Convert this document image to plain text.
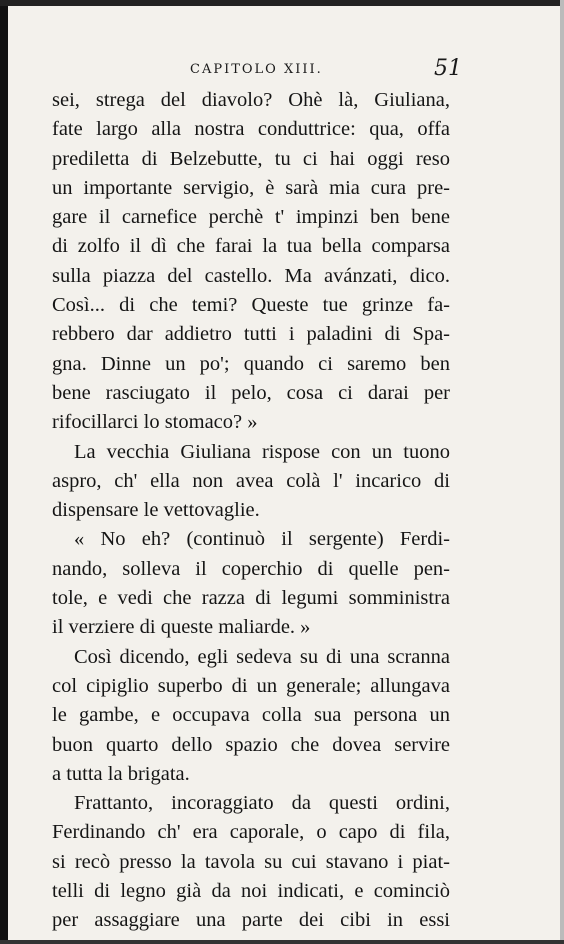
CAPITOLO XIII.	51
sei, strega del diavolo? Ohè là, Giuliana,
fate largo alla nostra conduttrice: qua, offa
prediletta di Belzebutte, tu ci hai oggi reso
un importante servigio, è sarà mia cura pre-
gare il carnefice perchè t' impinzi ben bene
di zolfo il dì che farai la tua bella comparsa
sulla piazza del castello. Ma avánzati, dico.
Così... di che temi? Queste tue grinze fa-
rebbero dar addietro tutti i paladini di Spa-
gna. Dinne un po'; quando ci saremo ben
bene rasciugato il pelo, cosa ci darai per
rifocillarci lo stomaco? »
La vecchia Giuliana rispose con un tuono
aspro, ch' ella non avea colà l' incarico di
dispensare le vettovaglie.
« No eh? (continuò il sergente) Ferdi-
nando, solleva il coperchio di quelle pen-
tole, e vedi che razza di legumi somministra
il verziere di queste maliarde. »
Così dicendo, egli sedeva su di una scranna
col cipiglio superbo di un generale; allungava
le gambe, e occupava colla sua persona un
buon quarto dello spazio che dovea servire
a tutta la brigata.
Frattanto, incoraggiato da questi ordini,
Ferdinando ch' era caporale, o capo di fila,
si recò presso la tavola su cui stavano i piat-
telli di legno già da noi indicati, e cominciò
per assaggiare una parte dei cibi in essi
